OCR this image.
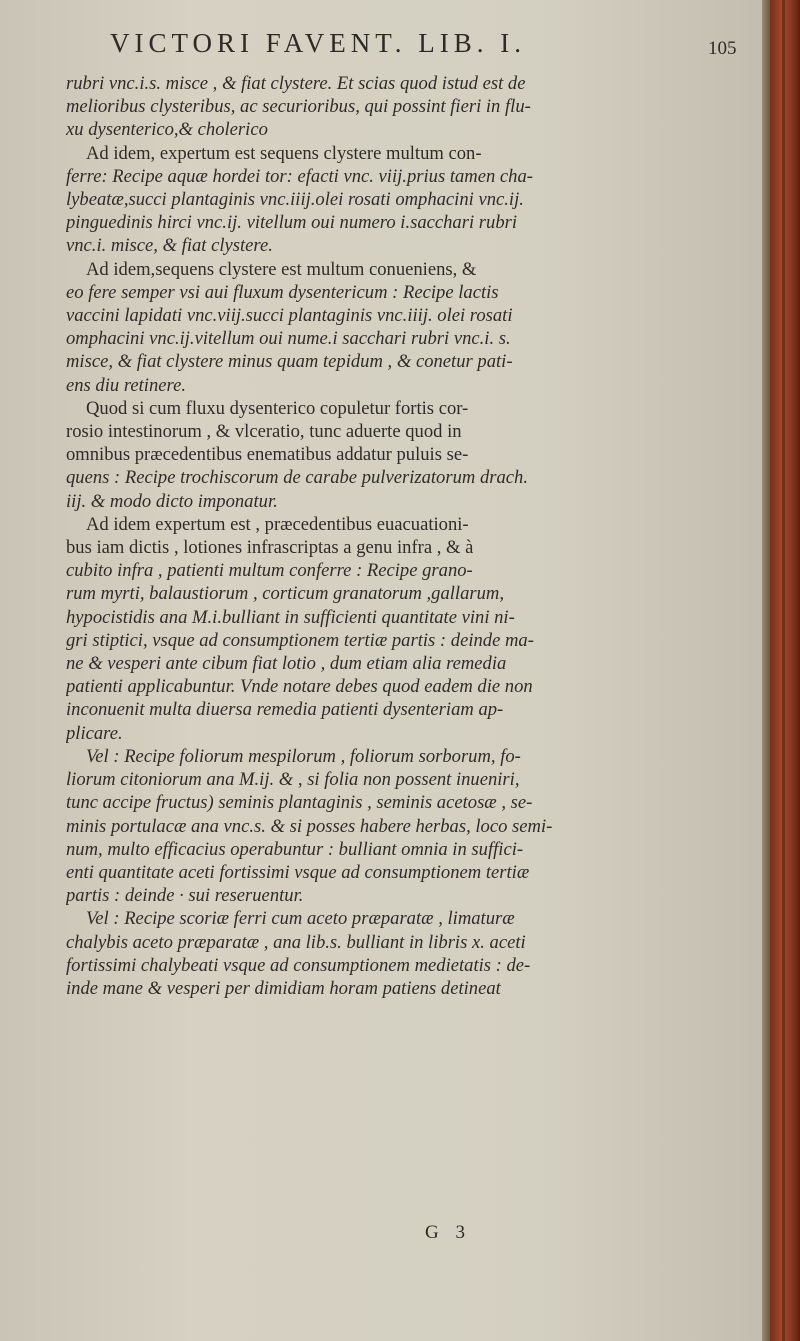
VICTORI FAVENT. LIB. I.	105

rubri vnc.i.s. misce , & fiat clystere. Et scias quod istud est de

melioribus clysteribus, ac securioribus, qui possint fieri in flu-

xu dysenterico,& cholerico

Ad idem, expertum est sequens clystere multum con-

ferre: Recipe aquæ hordei tor: efacti vnc. viij.prius tamen cha-

lybeatæ,succi plantaginis vnc.iiij.olei rosati omphacini vnc.ij.

pinguedinis hirci vnc.ij. vitellum oui numero i.sacchari rubri

vnc.i. misce, & fiat clystere.

Ad idem,sequens clystere est multum conueniens, &

eo fere semper vsi aui fluxum dysentericum : Recipe lactis

vaccini lapidati vnc.viij.succi plantaginis vnc.iiij. olei rosati

omphacini vnc.ij.vitellum oui nume.i sacchari rubri vnc.i. s.

misce, & fiat clystere minus quam tepidum , & conetur pati-

ens diu retinere.

Quod si cum fluxu dysenterico copuletur fortis cor-

rosio intestinorum , & vlceratio, tunc aduerte quod in

omnibus præcedentibus enematibus addatur puluis se-

quens : Recipe trochiscorum de carabe pulverizatorum drach.

iij. & modo dicto imponatur.

Ad idem expertum est , præcedentibus euacuationi-

bus iam dictis , lotiones infrascriptas a genu infra , & à

cubito infra , patienti multum conferre : Recipe grano-

rum myrti, balaustiorum , corticum granatorum ,gallarum,

hypocistidis ana M.i.bulliant in sufficienti quantitate vini ni-

gri stiptici, vsque ad consumptionem tertiæ partis : deinde ma-

ne & vesperi ante cibum fiat lotio , dum etiam alia remedia

patienti applicabuntur. Vnde notare debes quod eadem die non

inconuenit multa diuersa remedia patienti dysenteriam ap-

plicare.

Vel : Recipe foliorum mespilorum , foliorum sorborum, fo-

liorum citoniorum ana M.ij. & , si folia non possent inueniri,

tunc accipe fructus) seminis plantaginis , seminis acetosæ , se-

minis portulacæ ana vnc.s. & si posses habere herbas, loco semi-

num, multo efficacius operabuntur : bulliant omnia in suffici-

enti quantitate aceti fortissimi vsque ad consumptionem tertiæ

partis : deinde · sui reseruentur.

Vel : Recipe scoriæ ferri cum aceto præparatæ , limaturæ

chalybis aceto præparatæ , ana lib.s. bulliant in libris x. aceti

fortissimi chalybeati vsque ad consumptionem medietatis : de-

inde mane & vesperi per dimidiam horam patiens detineat

G 3
